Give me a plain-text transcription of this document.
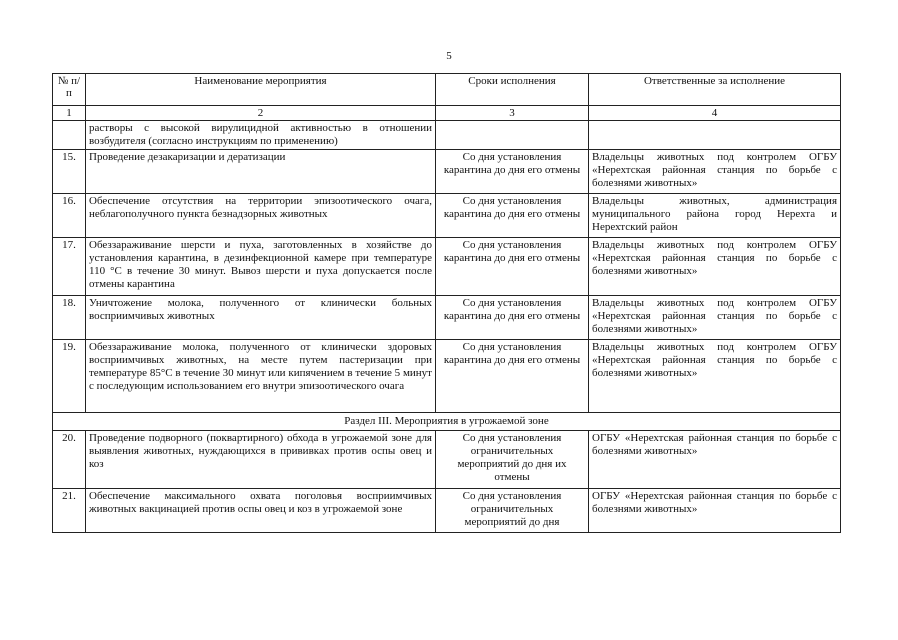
5
№ п/п	Наименование мероприятия	Сроки исполнения	Ответственные за исполнение
1	2	3	4
	растворы с высокой вирулицидной активностью в отношении возбудителя (согласно инструкциям по применению)		
15.	Проведение дезакаризации и дератизации	Со дня установления карантина до дня его отмены	Владельцы животных под контролем ОГБУ «Нерехтская районная станция по борьбе с болезнями животных»
16.	Обеспечение отсутствия на территории эпизоотического очага, неблагополучного пункта безнадзорных животных	Со дня установления карантина до дня его отмены	Владельцы животных, администрация муниципального района город Нерехта и Нерехтский район
17.	Обеззараживание шерсти и пуха, заготовленных в хозяйстве до установления карантина, в дезинфекционной камере при температуре 110 °С в течение 30 минут. Вывоз шерсти и пуха допускается после отмены карантина	Со дня установления карантина до дня его отмены	Владельцы животных под контролем ОГБУ «Нерехтская районная станция по борьбе с болезнями животных»
18.	Уничтожение молока, полученного от клинически больных восприимчивых животных	Со дня установления карантина до дня его отмены	Владельцы животных под контролем ОГБУ «Нерехтская районная станция по борьбе с болезнями животных»
19.	Обеззараживание молока, полученного от клинически здоровых восприимчивых животных, на месте путем пастеризации при температуре 85°С в течение 30 минут или кипячением в течение 5 минут с последующим использованием его внутри эпизоотического очага	Со дня установления карантина до дня его отмены	Владельцы животных под контролем ОГБУ «Нерехтская районная станция по борьбе с болезнями животных»
Раздел III. Мероприятия в угрожаемой зоне			
20.	Проведение подворного (поквартирного) обхода в угрожаемой зоне для выявления животных, нуждающихся в прививках против оспы овец и коз	Со дня установления ограничительных мероприятий до дня их отмены	ОГБУ «Нерехтская районная станция по борьбе с болезнями животных»
21.	Обеспечение максимального охвата поголовья восприимчивых животных вакцинацией против оспы овец и коз в угрожаемой зоне	Со дня установления ограничительных мероприятий до дня	ОГБУ «Нерехтская районная станция по борьбе с болезнями животных»
